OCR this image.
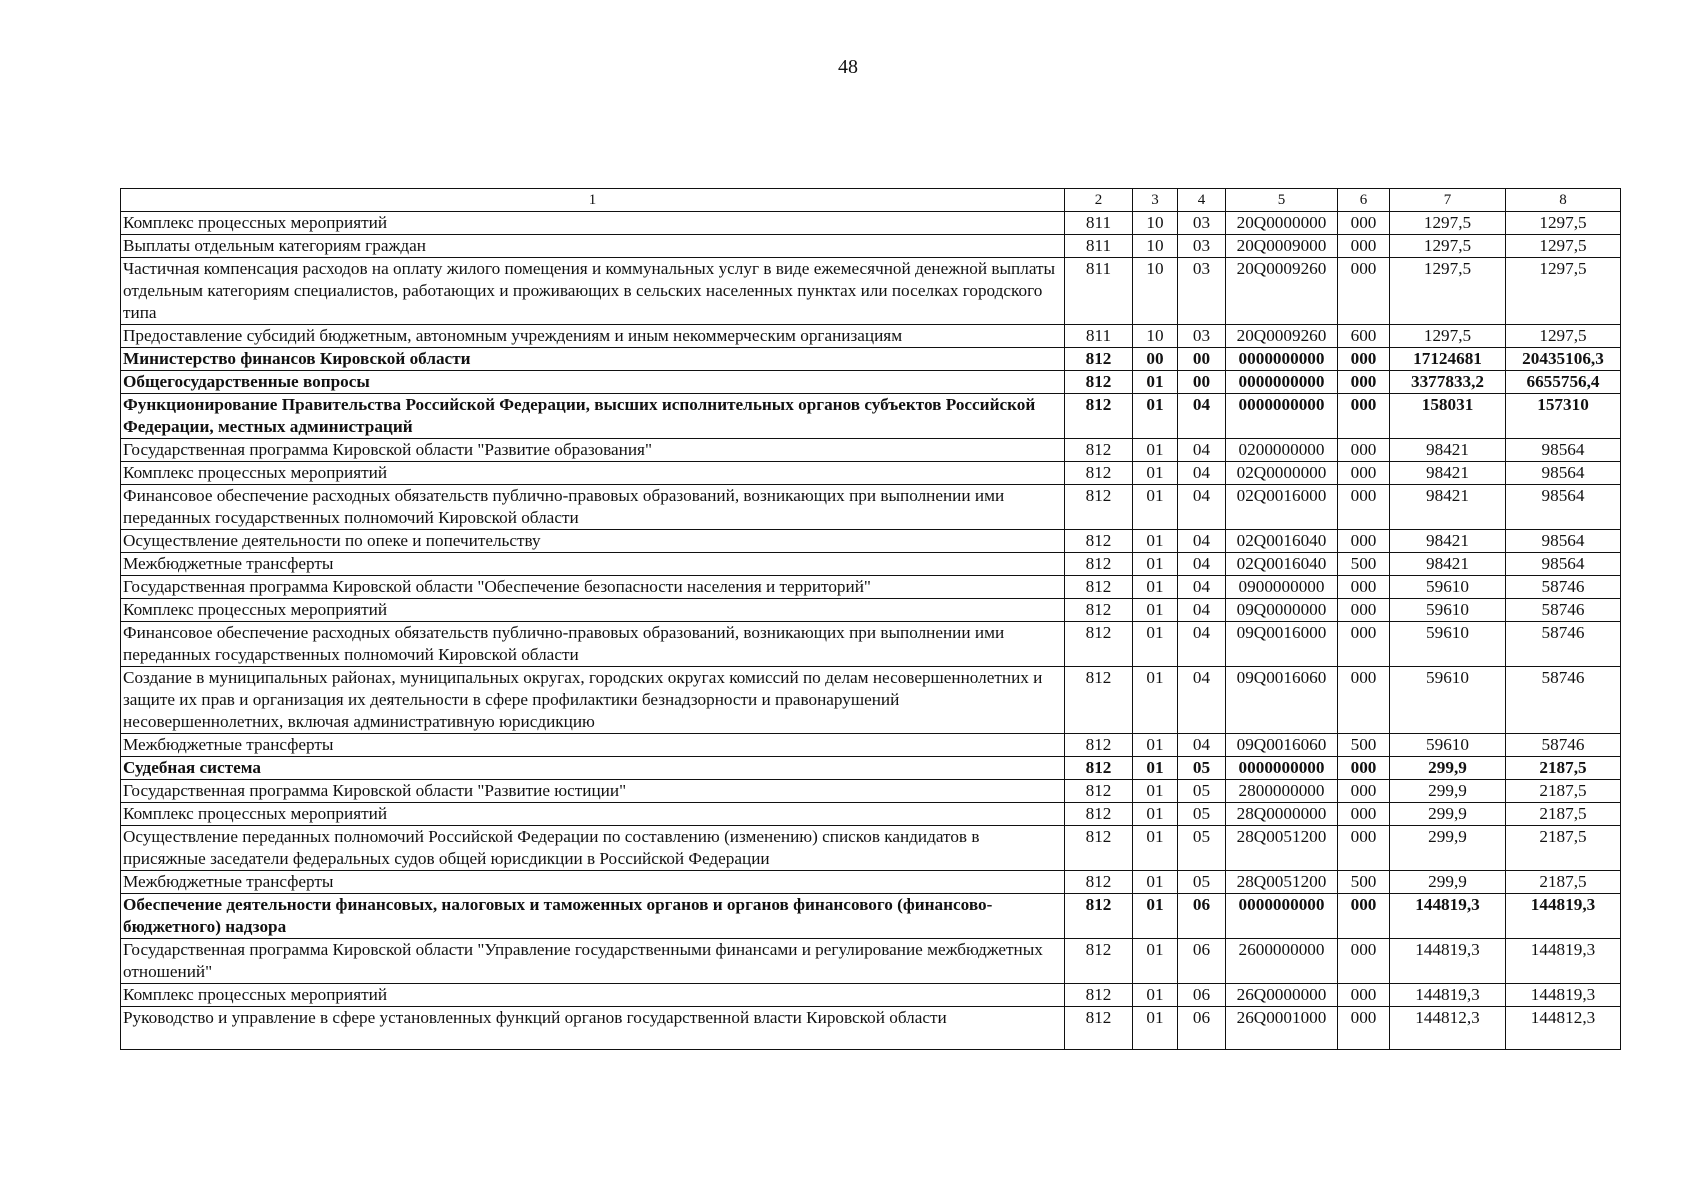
48
1	2	3	4	5	6	7	8
Комплекс процессных мероприятий	811	10	03	20Q0000000	000	1297,5	1297,5
Выплаты отдельным категориям граждан	811	10	03	20Q0009000	000	1297,5	1297,5
Частичная компенсация расходов на оплату жилого помещения и коммунальных услуг в виде ежемесячной денежной выплаты отдельным категориям специалистов, работающих и проживающих в сельских населенных пунктах или поселках городского типа	811	10	03	20Q0009260	000	1297,5	1297,5
Предоставление субсидий бюджетным, автономным учреждениям и иным некоммерческим организациям	811	10	03	20Q0009260	600	1297,5	1297,5
Министерство финансов Кировской области	812	00	00	0000000000	000	17124681	20435106,3
Общегосударственные вопросы	812	01	00	0000000000	000	3377833,2	6655756,4
Функционирование Правительства Российской Федерации, высших исполнительных органов субъектов Российской Федерации, местных администраций	812	01	04	0000000000	000	158031	157310
Государственная программа Кировской области "Развитие образования"	812	01	04	0200000000	000	98421	98564
Комплекс процессных мероприятий	812	01	04	02Q0000000	000	98421	98564
Финансовое обеспечение расходных обязательств публично-правовых образований, возникающих при выполнении ими переданных государственных полномочий Кировской области	812	01	04	02Q0016000	000	98421	98564
Осуществление деятельности по опеке и попечительству	812	01	04	02Q0016040	000	98421	98564
Межбюджетные трансферты	812	01	04	02Q0016040	500	98421	98564
Государственная программа Кировской области "Обеспечение безопасности населения и территорий"	812	01	04	0900000000	000	59610	58746
Комплекс процессных мероприятий	812	01	04	09Q0000000	000	59610	58746
Финансовое обеспечение расходных обязательств публично-правовых образований, возникающих при выполнении ими переданных государственных полномочий Кировской области	812	01	04	09Q0016000	000	59610	58746
Создание в муниципальных районах, муниципальных округах, городских округах комиссий по делам несовершеннолетних и защите их прав и организация их деятельности в сфере профилактики безнадзорности и правонарушений несовершеннолетних, включая административную юрисдикцию	812	01	04	09Q0016060	000	59610	58746
Межбюджетные трансферты	812	01	04	09Q0016060	500	59610	58746
Судебная система	812	01	05	0000000000	000	299,9	2187,5
Государственная программа Кировской области "Развитие юстиции"	812	01	05	2800000000	000	299,9	2187,5
Комплекс процессных мероприятий	812	01	05	28Q0000000	000	299,9	2187,5
Осуществление переданных полномочий Российской Федерации по составлению (изменению) списков кандидатов в присяжные заседатели федеральных судов общей юрисдикции в Российской Федерации	812	01	05	28Q0051200	000	299,9	2187,5
Межбюджетные трансферты	812	01	05	28Q0051200	500	299,9	2187,5
Обеспечение деятельности финансовых, налоговых и таможенных органов и органов финансового (финансово-бюджетного) надзора	812	01	06	0000000000	000	144819,3	144819,3
Государственная программа Кировской области "Управление государственными финансами и регулирование межбюджетных отношений"	812	01	06	2600000000	000	144819,3	144819,3
Комплекс процессных мероприятий	812	01	06	26Q0000000	000	144819,3	144819,3
Руководство и управление в сфере установленных функций органов государственной власти Кировской области	812	01	06	26Q0001000	000	144812,3	144812,3
